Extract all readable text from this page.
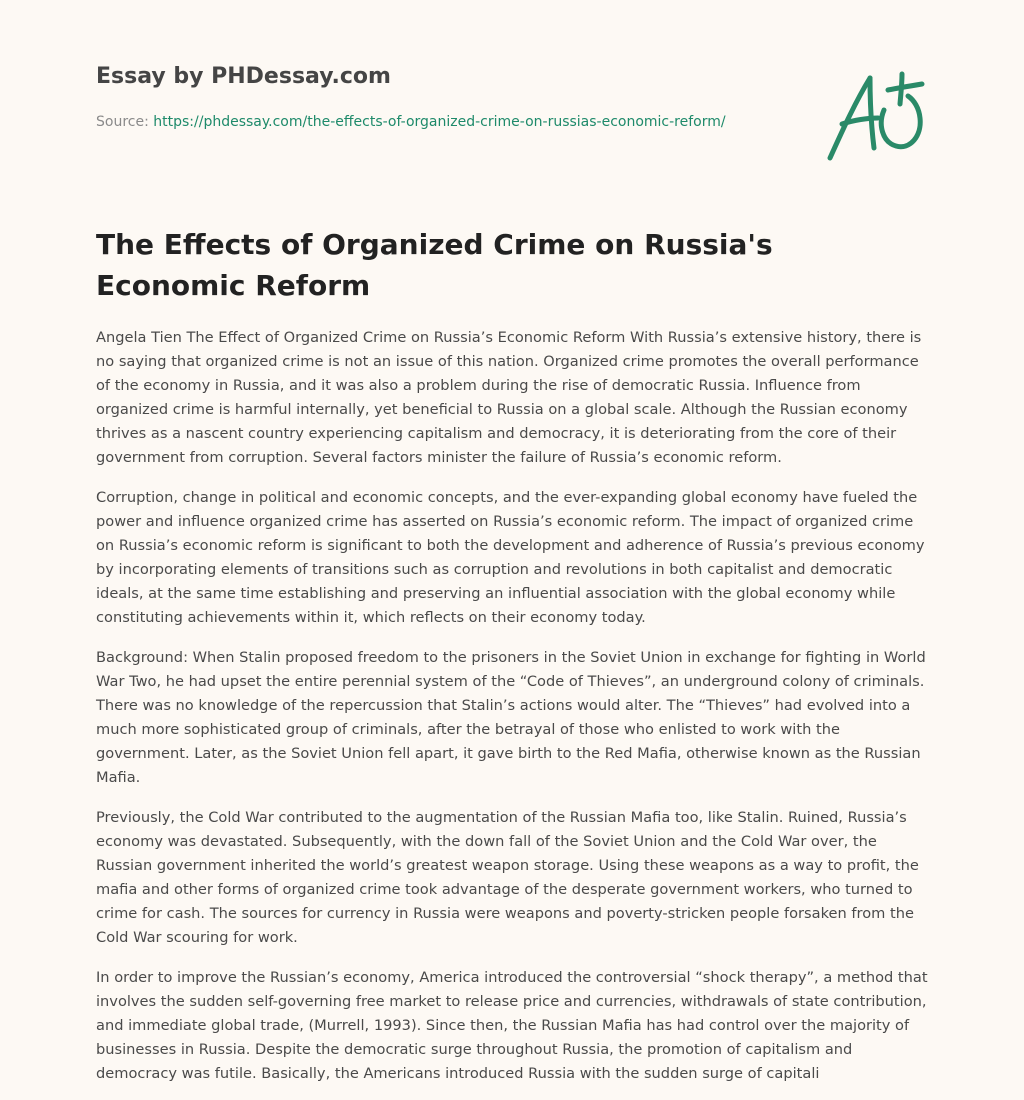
Essay by PHDessay.com
Source: https://phdessay.com/the-effects-of-organized-crime-on-russias-economic-reform/
The Effects of Organized Crime on Russia's Economic Reform

Angela Tien The Effect of Organized Crime on Russia’s Economic Reform With Russia’s extensive history, there is no saying that organized crime is not an issue of this nation. Organized crime promotes the overall performance of the economy in Russia, and it was also a problem during the rise of democratic Russia. Influence from organized crime is harmful internally, yet beneficial to Russia on a global scale. Although the Russian economy thrives as a nascent country experiencing capitalism and democracy, it is deteriorating from the core of their government from corruption. Several factors minister the failure of Russia’s economic reform.

Corruption, change in political and economic concepts, and the ever-expanding global economy have fueled the power and influence organized crime has asserted on Russia’s economic reform. The impact of organized crime on Russia’s economic reform is significant to both the development and adherence of Russia’s previous economy by incorporating elements of transitions such as corruption and revolutions in both capitalist and democratic ideals, at the same time establishing and preserving an influential association with the global economy while constituting achievements within it, which reflects on their economy today.

Background: When Stalin proposed freedom to the prisoners in the Soviet Union in exchange for fighting in World War Two, he had upset the entire perennial system of the “Code of Thieves”, an underground colony of criminals. There was no knowledge of the repercussion that Stalin’s actions would alter. The “Thieves” had evolved into a much more sophisticated group of criminals, after the betrayal of those who enlisted to work with the government. Later, as the Soviet Union fell apart, it gave birth to the Red Mafia, otherwise known as the Russian Mafia.

Previously, the Cold War contributed to the augmentation of the Russian Mafia too, like Stalin. Ruined, Russia’s economy was devastated. Subsequently, with the down fall of the Soviet Union and the Cold War over, the Russian government inherited the world’s greatest weapon storage. Using these weapons as a way to profit, the mafia and other forms of organized crime took advantage of the desperate government workers, who turned to crime for cash. The sources for currency in Russia were weapons and poverty-stricken people forsaken from the Cold War scouring for work.

In order to improve the Russian’s economy, America introduced the controversial “shock therapy”, a method that involves the sudden self-governing free market to release price and currencies, withdrawals of state contribution, and immediate global trade, (Murrell, 1993). Since then, the Russian Mafia has had control over the majority of businesses in Russia. Despite the democratic surge throughout Russia, the promotion of capitalism and democracy was futile. Basically, the Americans introduced Russia with the sudden surge of capitali
